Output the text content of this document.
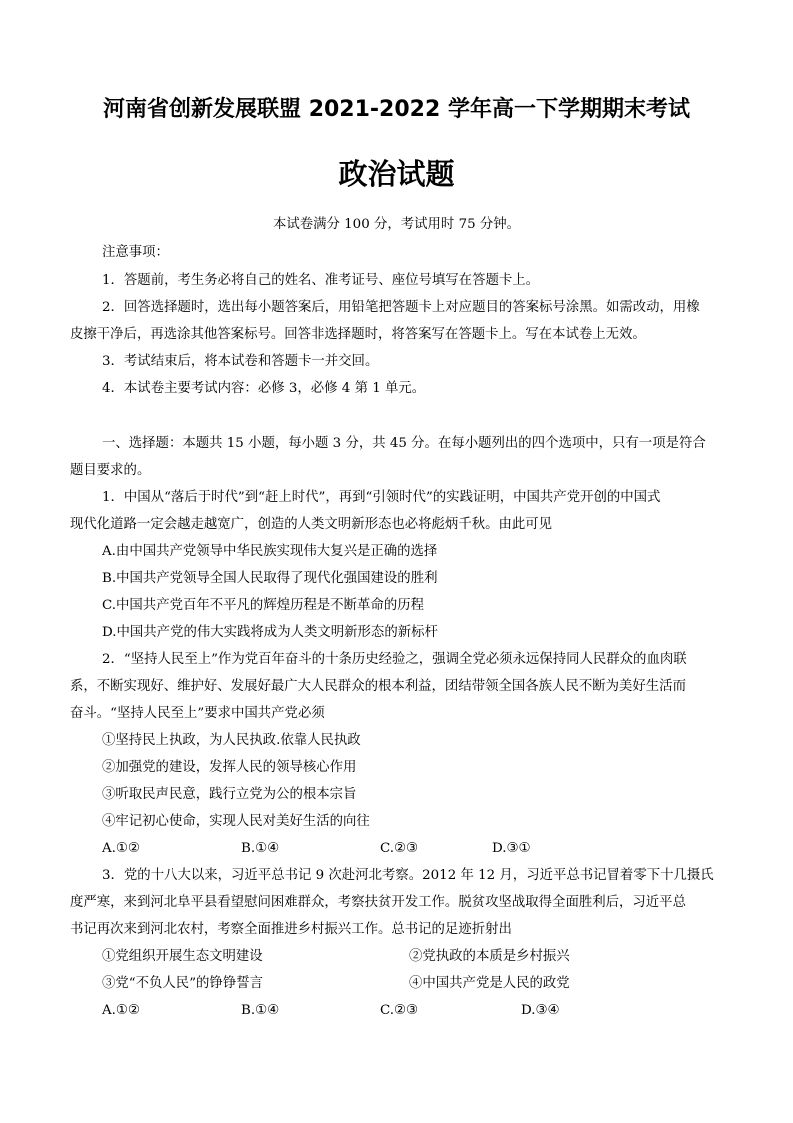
河南省创新发展联盟 2021-2022 学年高一下学期期末考试
政治试题
本试卷满分 100 分，考试用时 75 分钟。
注意事项：
1．答题前，考生务必将自己的姓名、准考证号、座位号填写在答题卡上。
2．回答选择题时，选出每小题答案后，用铅笔把答题卡上对应题目的答案标号涂黑。如需改动，用橡
皮擦干净后，再选涂其他答案标号。回答非选择题时，将答案写在答题卡上。写在本试卷上无效。
3．考试结束后，将本试卷和答题卡一并交回。
4．本试卷主要考试内容：必修 3，必修 4 第 1 单元。
一、选择题：本题共 15 小题，每小题 3 分，共 45 分。在每小题列出的四个选项中，只有一项是符合
题目要求的。
1．中国从“落后于时代”到“赶上时代”，再到“引领时代”的实践证明，中国共产党开创的中国式
现代化道路一定会越走越宽广，创造的人类文明新形态也必将彪炳千秋。由此可见
A.由中国共产党领导中华民族实现伟大复兴是正确的选择
B.中国共产党领导全国人民取得了现代化强国建设的胜利
C.中国共产党百年不平凡的辉煌历程是不断革命的历程
D.中国共产党的伟大实践将成为人类文明新形态的新标杆
2．“坚持人民至上”作为党百年奋斗的十条历史经验之，强调全党必须永远保持同人民群众的血肉联
系，不断实现好、维护好、发展好最广大人民群众的根本利益，团结带领全国各族人民不断为美好生活而
奋斗。“坚持人民至上”要求中国共产党必须
①坚持民上执政，为人民执政.依靠人民执政
②加强党的建设，发挥人民的领导核心作用
③听取民声民意，践行立党为公的根本宗旨
④牢记初心使命，实现人民对美好生活的向往
A.①②	B.①④	C.②③	D.③①
3．党的十八大以来，习近平总书记 9 次赴河北考察。2012 年 12 月，习近平总书记冒着零下十几摄氏
度严寒，来到河北阜平县看望慰问困难群众，考察扶贫开发工作。脱贫攻坚战取得全面胜利后，习近平总
书记再次来到河北农村，考察全面推进乡村振兴工作。总书记的足迹折射出
①党组织开展生态文明建设	②党执政的本质是乡村振兴
③党“不负人民”的铮铮誓言	④中国共产党是人民的政党
A.①②	B.①④	C.②③	D.③④
